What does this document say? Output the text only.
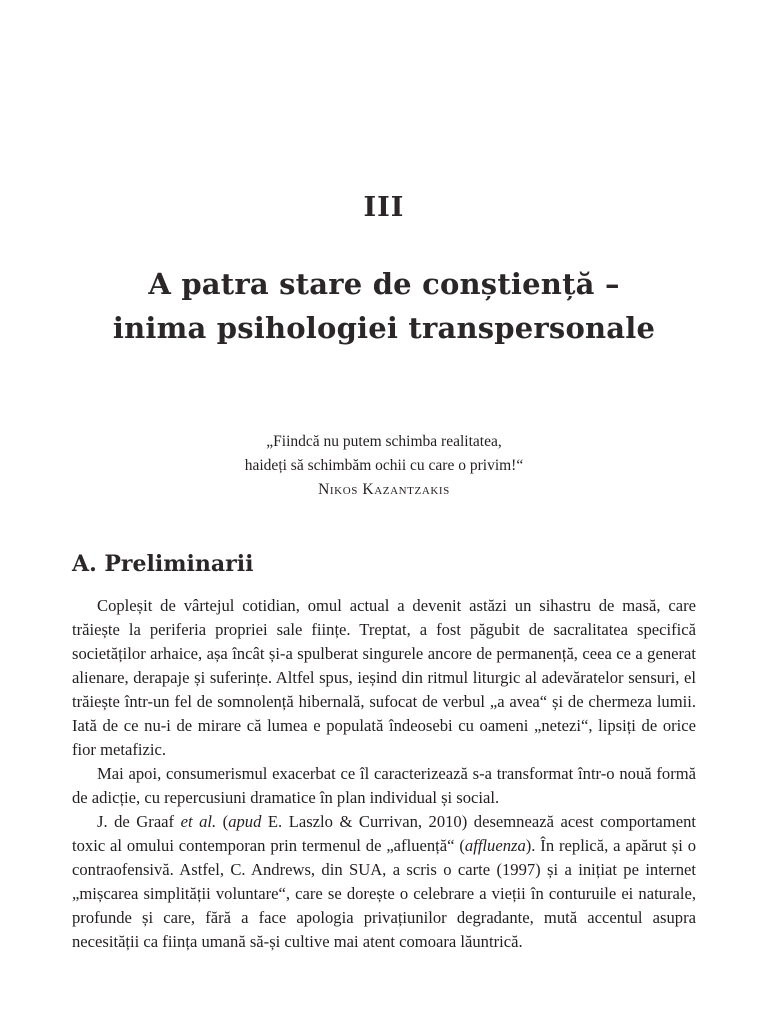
III
A patra stare de conștiență –
inima psihologiei transpersonale
„Fiindcă nu putem schimba realitatea,
haideți să schimbăm ochii cu care o privim!“
Nikos Kazantzakis
A. Preliminarii

Copleșit de vârtejul cotidian, omul actual a devenit astăzi un sihastru de masă, care trăiește la periferia propriei sale ființe. Treptat, a fost păgubit de sacralitatea specifică societăților arhaice, așa încât și-a spulberat singurele ancore de permanență, ceea ce a generat alienare, derapaje și suferințe. Altfel spus, ieșind din ritmul liturgic al adevăratelor sensuri, el trăiește într-un fel de somnolență hibernală, sufocat de verbul „a avea“ și de chermeza lumii. Iată de ce nu-i de mirare că lumea e populată îndeosebi cu oameni „netezi“, lipsiți de orice fior metafizic.

Mai apoi, consumerismul exacerbat ce îl caracterizează s-a transformat într-o nouă formă de adicție, cu repercusiuni dramatice în plan individual și social.

J. de Graaf et al. (apud E. Laszlo & Currivan, 2010) desemnează acest comportament toxic al omului contemporan prin termenul de „afluență“ (affluenza). În replică, a apărut și o contraofensivă. Astfel, C. Andrews, din SUA, a scris o carte (1997) și a inițiat pe internet „mișcarea simplității voluntare“, care se dorește o celebrare a vieții în conturuile ei naturale, profunde și care, fără a face apologia privațiunilor degradante, mută accentul asupra necesității ca ființa umană să-și cultive mai atent comoara lăuntrică.
